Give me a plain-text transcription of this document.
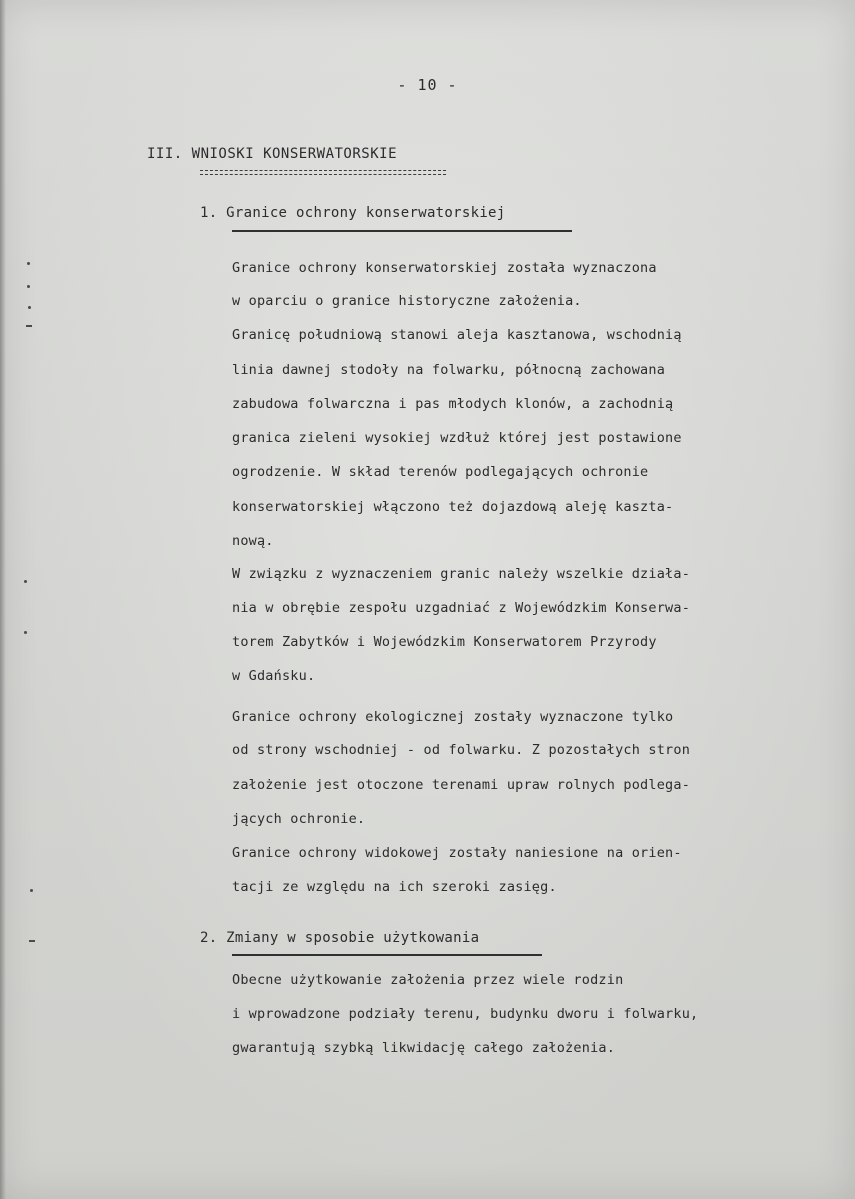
- 10 -
III. WNIOSKI KONSERWATORSKIE
1. Granice ochrony konserwatorskiej
Granice ochrony konserwatorskiej została wyznaczona
w oparciu o granice historyczne założenia.
Granicę południową stanowi aleja kasztanowa, wschodnią
linia dawnej stodoły na folwarku, północną zachowana
zabudowa folwarczna i pas młodych klonów, a zachodnią
granica zieleni wysokiej wzdłuż której jest postawione
ogrodzenie. W skład terenów podlegających ochronie
konserwatorskiej włączono też dojazdową aleję kaszta-
nową.
W związku z wyznaczeniem granic należy wszelkie działa-
nia w obrębie zespołu uzgadniać z Wojewódzkim Konserwa-
torem Zabytków i Wojewódzkim Konserwatorem Przyrody
w Gdańsku.
Granice ochrony ekologicznej zostały wyznaczone tylko
od strony wschodniej - od folwarku. Z pozostałych stron
założenie jest otoczone terenami upraw rolnych podlega-
jących ochronie.
Granice ochrony widokowej zostały naniesione na orien-
tacji ze względu na ich szeroki zasięg.
2. Zmiany w sposobie użytkowania
Obecne użytkowanie założenia przez wiele rodzin
i wprowadzone podziały terenu, budynku dworu i folwarku,
gwarantują szybką likwidację całego założenia.
